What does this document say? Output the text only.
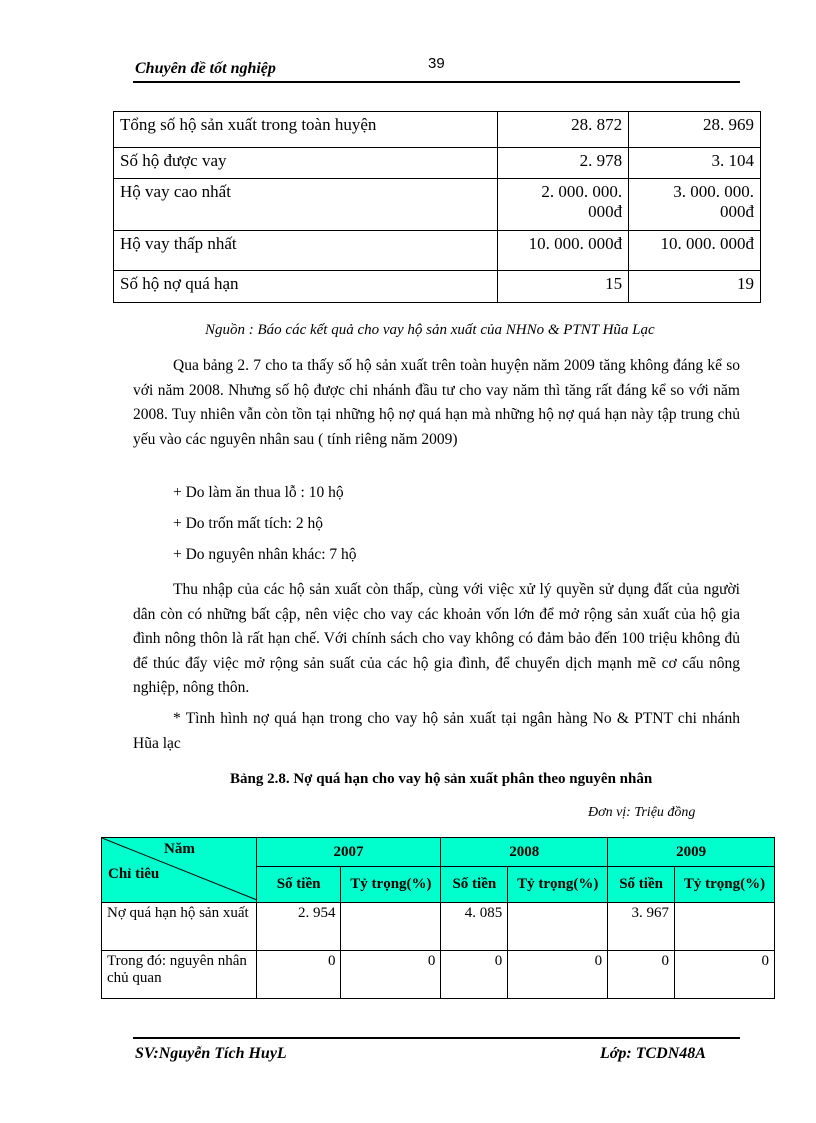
Chuyên đề tốt nghiệp	39
Tổng số hộ sản xuất trong toàn huyện	28. 872	28. 969
Số hộ được vay	2. 978	3. 104
Hộ vay cao nhất	2. 000. 000. 000đ	3. 000. 000. 000đ
Hộ vay thấp nhất	10. 000. 000đ	10. 000. 000đ
Số hộ nợ quá hạn	15	19
Nguồn : Báo các kết quả cho vay hộ sản xuất của NHNo & PTNT Hũa Lạc

Qua bảng 2. 7 cho ta thấy số hộ sản xuất trên toàn huyện năm 2009 tăng không đáng kể so với năm 2008. Nhưng số hộ được chi nhánh đầu tư cho vay năm thì tăng rất đáng kể so với năm 2008. Tuy nhiên vẫn còn tồn tại những hộ nợ quá hạn mà những hộ nợ quá hạn này tập trung chủ yếu vào các nguyên nhân sau ( tính riêng năm 2009)

+ Do làm ăn thua lỗ : 10 hộ
+ Do trốn mất tích: 2 hộ
+ Do nguyên nhân khác: 7 hộ

Thu nhập của các hộ sản xuất còn thấp, cùng với việc xử lý quyền sử dụng đất của người dân còn có những bất cập, nên việc cho vay các khoản vốn lớn để mở rộng sản xuất của hộ gia đình nông thôn là rất hạn chế. Với chính sách cho vay không có đảm bảo đến 100 triệu không đủ để thúc đẩy việc mở rộng sản suất của các hộ gia đình, để chuyển dịch mạnh mẽ cơ cấu nông nghiệp, nông thôn.

* Tình hình nợ quá hạn trong cho vay hộ sản xuất tại ngân hàng No & PTNT chi nhánh Hũa lạc

Bảng 2.8. Nợ quá hạn cho vay hộ sản xuất phân theo nguyên nhân
Đơn vị: Triệu đồng
Năm
Chỉ tiêu	2007		2008		2009	
	Số tiền	Tỷ trọng(%)	Số tiền	Tỷ trọng(%)	Số tiền	Tỷ trọng(%)
Nợ quá hạn hộ sản xuất	2. 954		4. 085		3. 967	
Trong đó: nguyên nhân chủ quan	0	0	0	0	0	0
SV:Nguyễn Tích HuyL	Lớp: TCDN48A
